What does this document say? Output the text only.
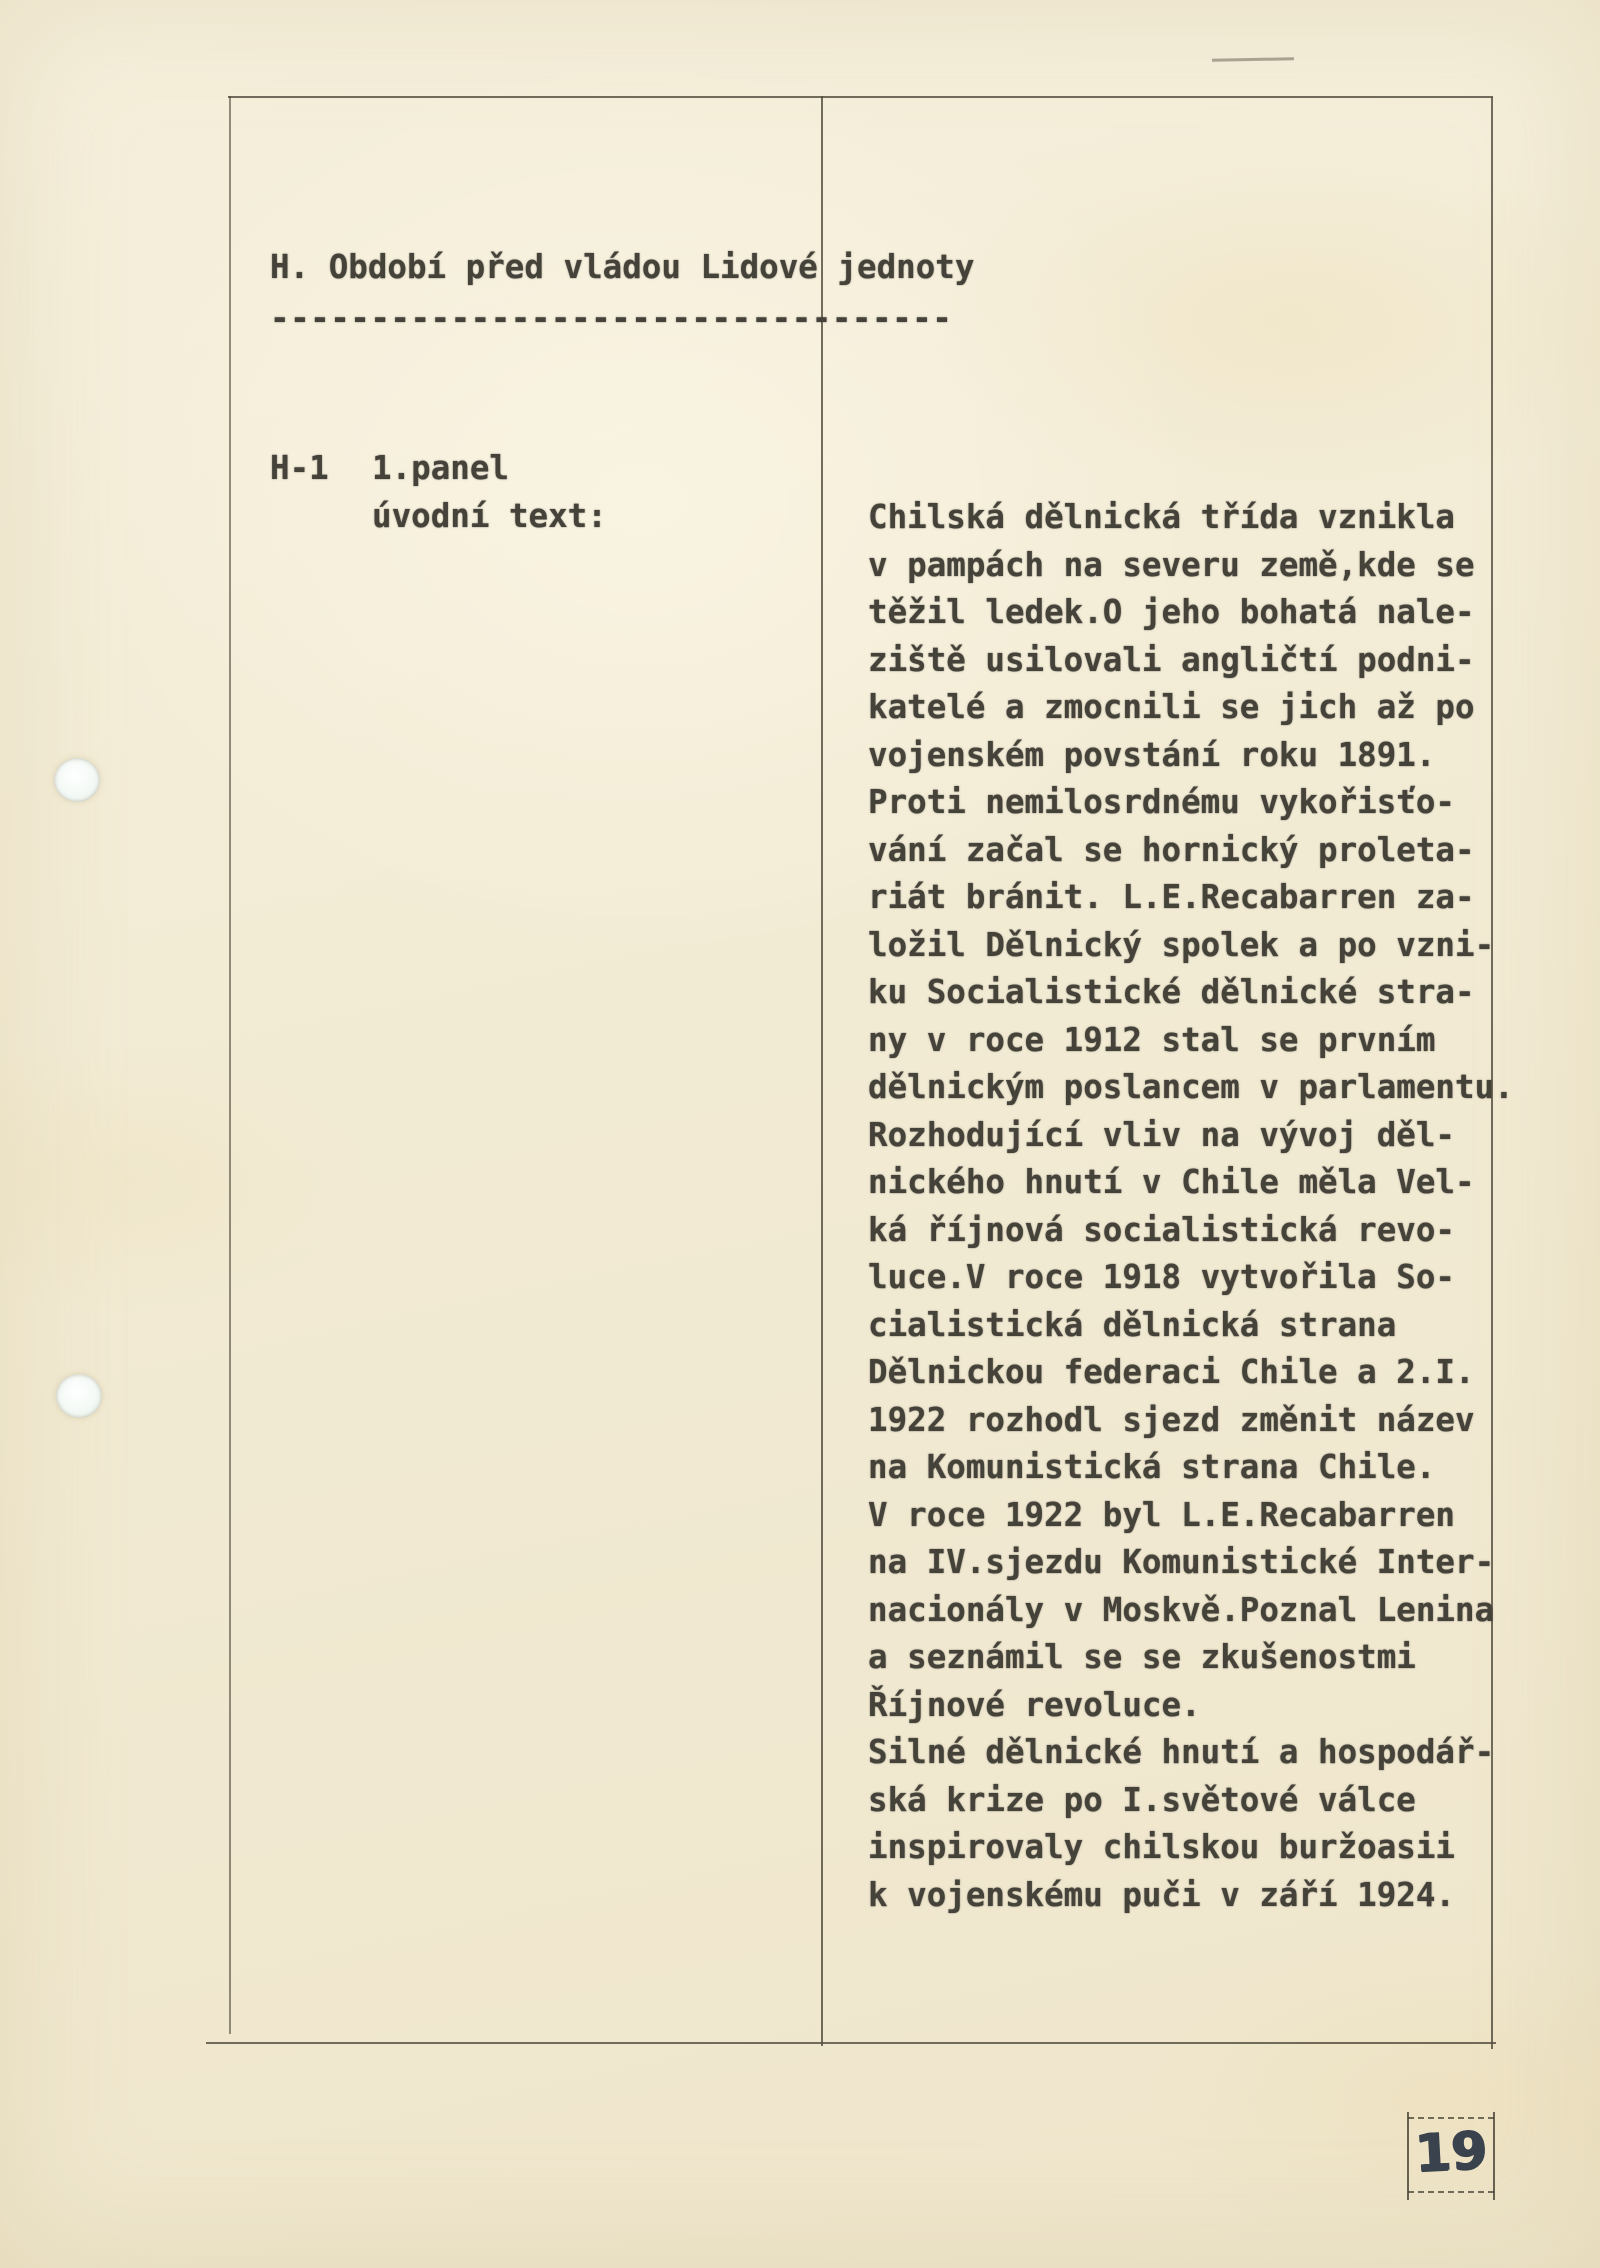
H. Období před vládou Lidové jednoty
----------------------------------
H-1 1.panel
úvodní text:	Chilská dělnická třída vznikla
v pampách na severu země,kde se
těžil ledek.O jeho bohatá nale-
ziště usilovali angličtí podni-
katelé a zmocnili se jich až po
vojenském povstání roku 1891.
Proti nemilosrdnému vykořisťo-
vání začal se hornický proleta-
riát bránit. L.E.Recabarren za-
ložil Dělnický spolek a po vzni-
ku Socialistické dělnické stra-
ny v roce 1912 stal se prvním
dělnickým poslancem v parlamentu.
Rozhodující vliv na vývoj děl-
nického hnutí v Chile měla Vel-
ká říjnová socialistická revo-
luce.V roce 1918 vytvořila So-
cialistická dělnická strana
Dělnickou federaci Chile a 2.I.
1922 rozhodl sjezd změnit název
na Komunistická strana Chile.
V roce 1922 byl L.E.Recabarren
na IV.sjezdu Komunistické Inter-
nacionály v Moskvě.Poznal Lenina
a seznámil se se zkušenostmi
Říjnové revoluce.
Silné dělnické hnutí a hospodář-
ská krize po I.světové válce
inspirovaly chilskou buržoasii
k vojenskému puči v září 1924.
19
